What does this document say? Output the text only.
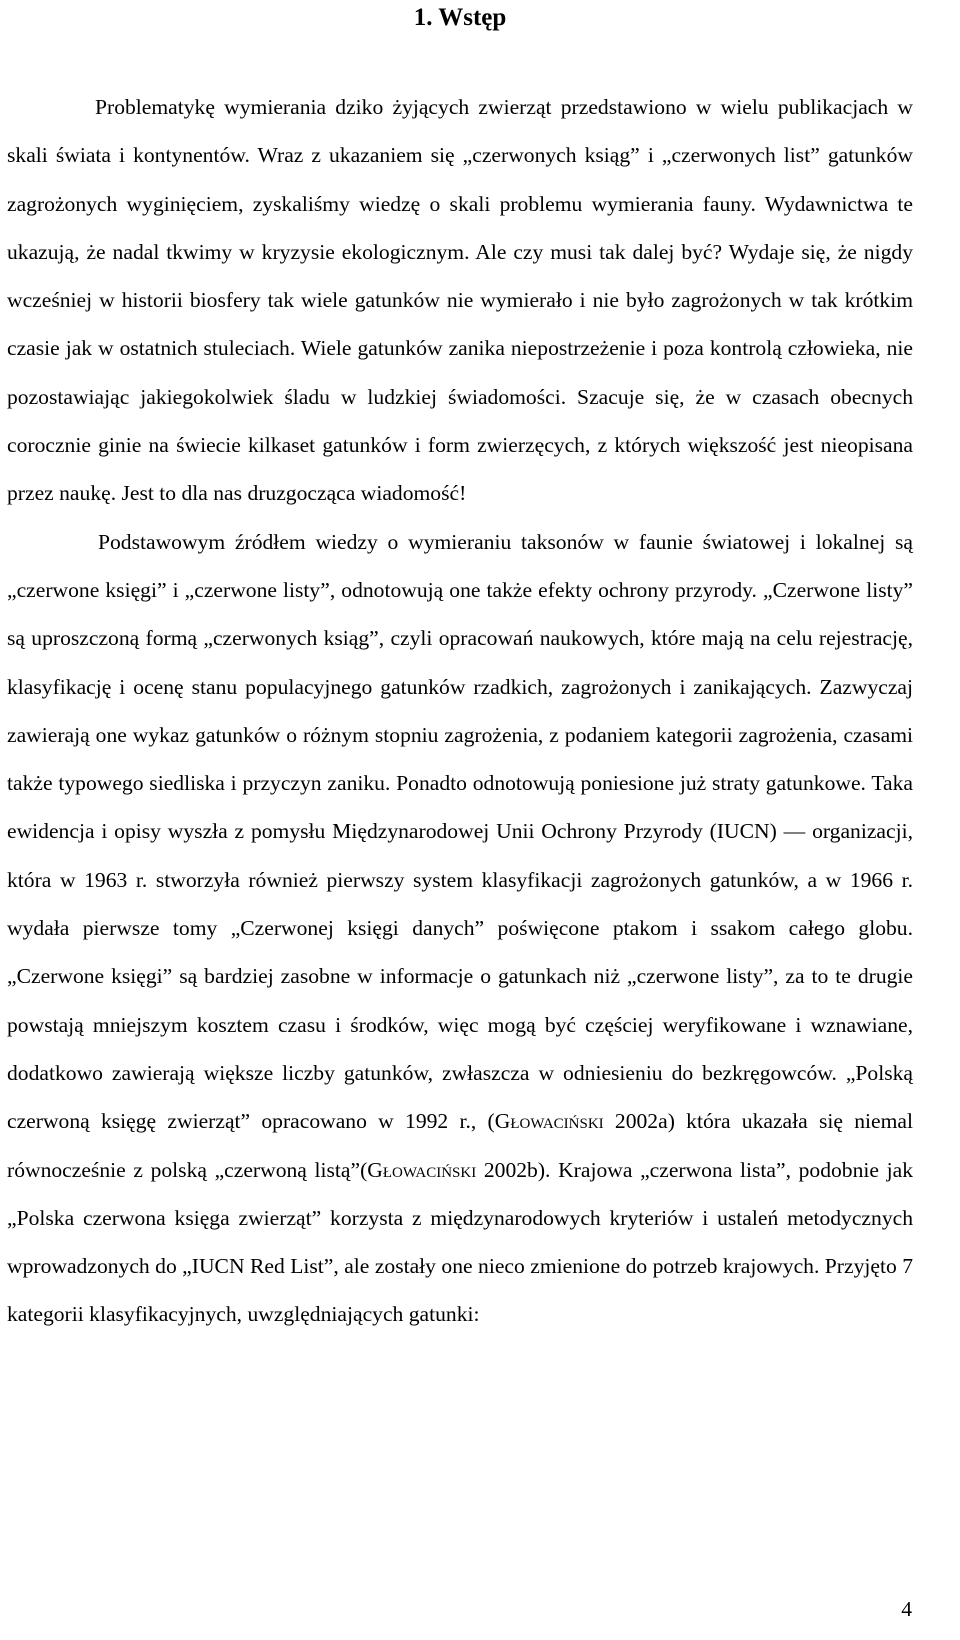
1. Wstęp

Problematykę wymierania dziko żyjących zwierząt przedstawiono w wielu publikacjach w skali świata i kontynentów. Wraz z ukazaniem się „czerwonych ksiąg” i „czerwonych list” gatunków zagrożonych wyginięciem, zyskaliśmy wiedzę o skali problemu wymierania fauny. Wydawnictwa te ukazują, że nadal tkwimy w kryzysie ekologicznym. Ale czy musi tak dalej być? Wydaje się, że nigdy wcześniej w historii biosfery tak wiele gatunków nie wymierało i nie było zagrożonych w tak krótkim czasie jak w ostatnich stuleciach. Wiele gatunków zanika niepostrzeżenie i poza kontrolą człowieka, nie pozostawiając jakiegokolwiek śladu w ludzkiej świadomości. Szacuje się, że w czasach obecnych corocznie ginie na świecie kilkaset gatunków i form zwierzęcych, z których większość jest nieopisana przez naukę. Jest to dla nas druzgocząca wiadomość!

Podstawowym źródłem wiedzy o wymieraniu taksonów w faunie światowej i lokalnej są „czerwone księgi” i „czerwone listy”, odnotowują one także efekty ochrony przyrody. „Czerwone listy” są uproszczoną formą „czerwonych ksiąg”, czyli opracowań naukowych, które mają na celu rejestrację, klasyfikację i ocenę stanu populacyjnego gatunków rzadkich, zagrożonych i zanikających. Zazwyczaj zawierają one wykaz gatunków o różnym stopniu zagrożenia, z podaniem kategorii zagrożenia, czasami także typowego siedliska i przyczyn zaniku. Ponadto odnotowują poniesione już straty gatunkowe. Taka ewidencja i opisy wyszła z pomysłu Międzynarodowej Unii Ochrony Przyrody (IUCN) — organizacji, która w 1963 r. stworzyła również pierwszy system klasyfikacji zagrożonych gatunków, a w 1966 r. wydała pierwsze tomy „Czerwonej księgi danych” poświęcone ptakom i ssakom całego globu. „Czerwone księgi” są bardziej zasobne w informacje o gatunkach niż „czerwone listy”, za to te drugie powstają mniejszym kosztem czasu i środków, więc mogą być częściej weryfikowane i wznawiane, dodatkowo zawierają większe liczby gatunków, zwłaszcza w odniesieniu do bezkręgowców. „Polską czerwoną księgę zwierząt” opracowano w 1992 r., (Głowaciński 2002a) która ukazała się niemal równocześnie z polską „czerwoną listą”(Głowaciński 2002b). Krajowa „czerwona lista”, podobnie jak „Polska czerwona księga zwierząt” korzysta z międzynarodowych kryteriów i ustaleń metodycznych wprowadzonych do „IUCN Red List”, ale zostały one nieco zmienione do potrzeb krajowych. Przyjęto 7 kategorii klasyfikacyjnych, uwzględniających gatunki:

4
